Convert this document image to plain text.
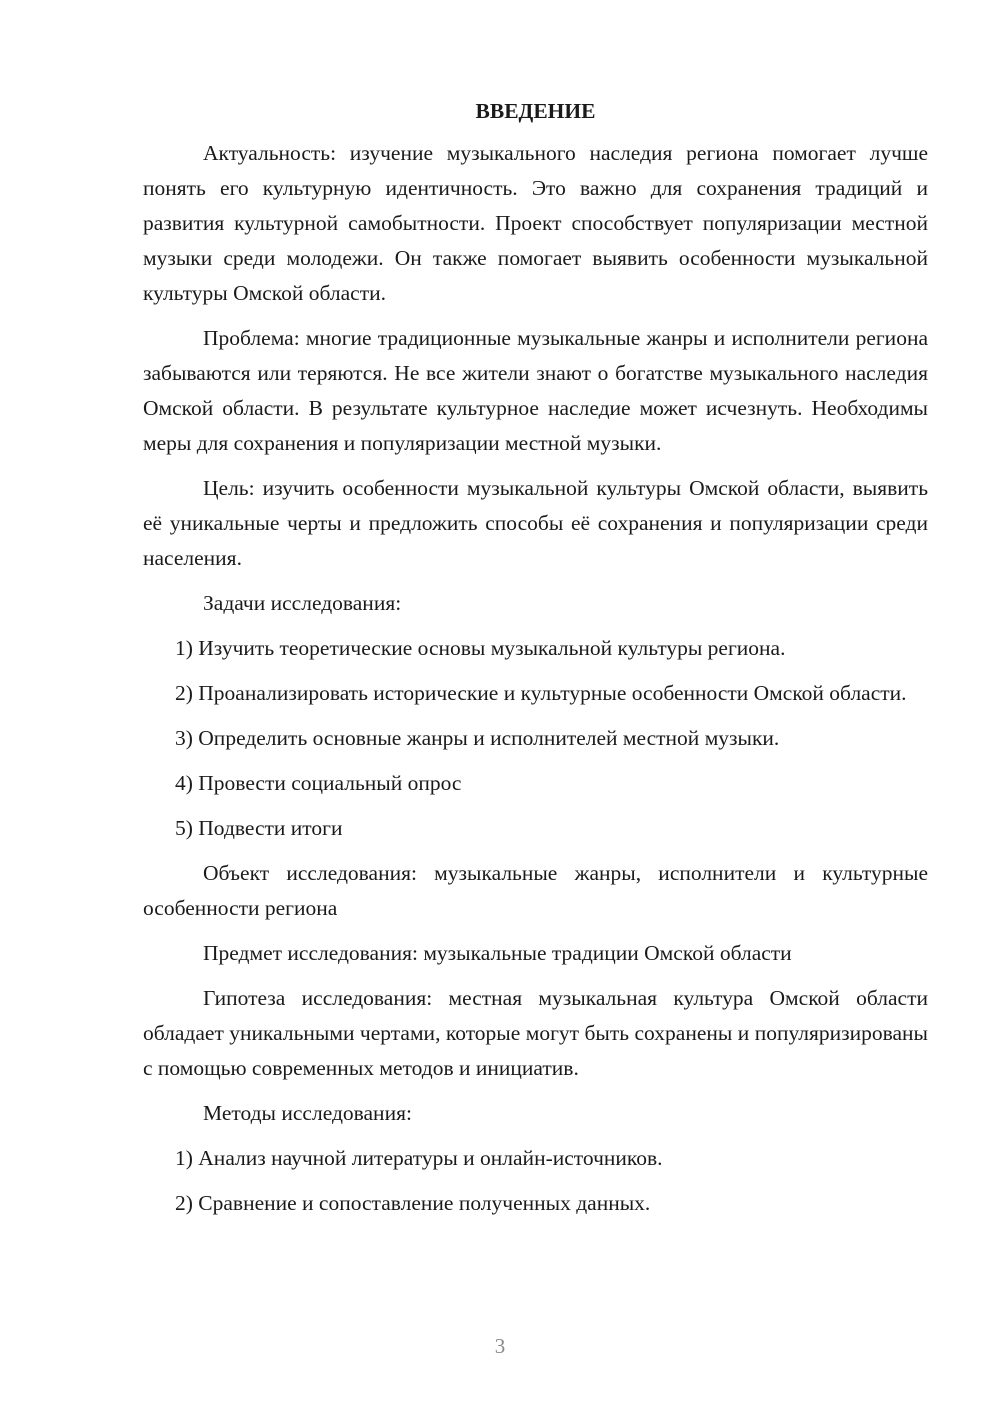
ВВЕДЕНИЕ

Актуальность: изучение музыкального наследия региона помогает лучше понять его культурную идентичность. Это важно для сохранения традиций и развития культурной самобытности. Проект способствует популяризации местной музыки среди молодежи. Он также помогает выявить особенности музыкальной культуры Омской области.

Проблема: многие традиционные музыкальные жанры и исполнители региона забываются или теряются. Не все жители знают о богатстве музыкального наследия Омской области. В результате культурное наследие может исчезнуть. Необходимы меры для сохранения и популяризации местной музыки.

Цель: изучить особенности музыкальной культуры Омской области, выявить её уникальные черты и предложить способы её сохранения и популяризации среди населения.

Задачи исследования:

1) Изучить теоретические основы музыкальной культуры региона.

2) Проанализировать исторические и культурные особенности Омской области.

3) Определить основные жанры и исполнителей местной музыки.

4) Провести социальный опрос

5) Подвести итоги

Объект исследования: музыкальные жанры, исполнители и культурные особенности региона

Предмет исследования: музыкальные традиции Омской области

Гипотеза исследования: местная музыкальная культура Омской области обладает уникальными чертами, которые могут быть сохранены и популяризированы с помощью современных методов и инициатив.

Методы исследования:

1) Анализ научной литературы и онлайн-источников.

2) Сравнение и сопоставление полученных данных.

3
